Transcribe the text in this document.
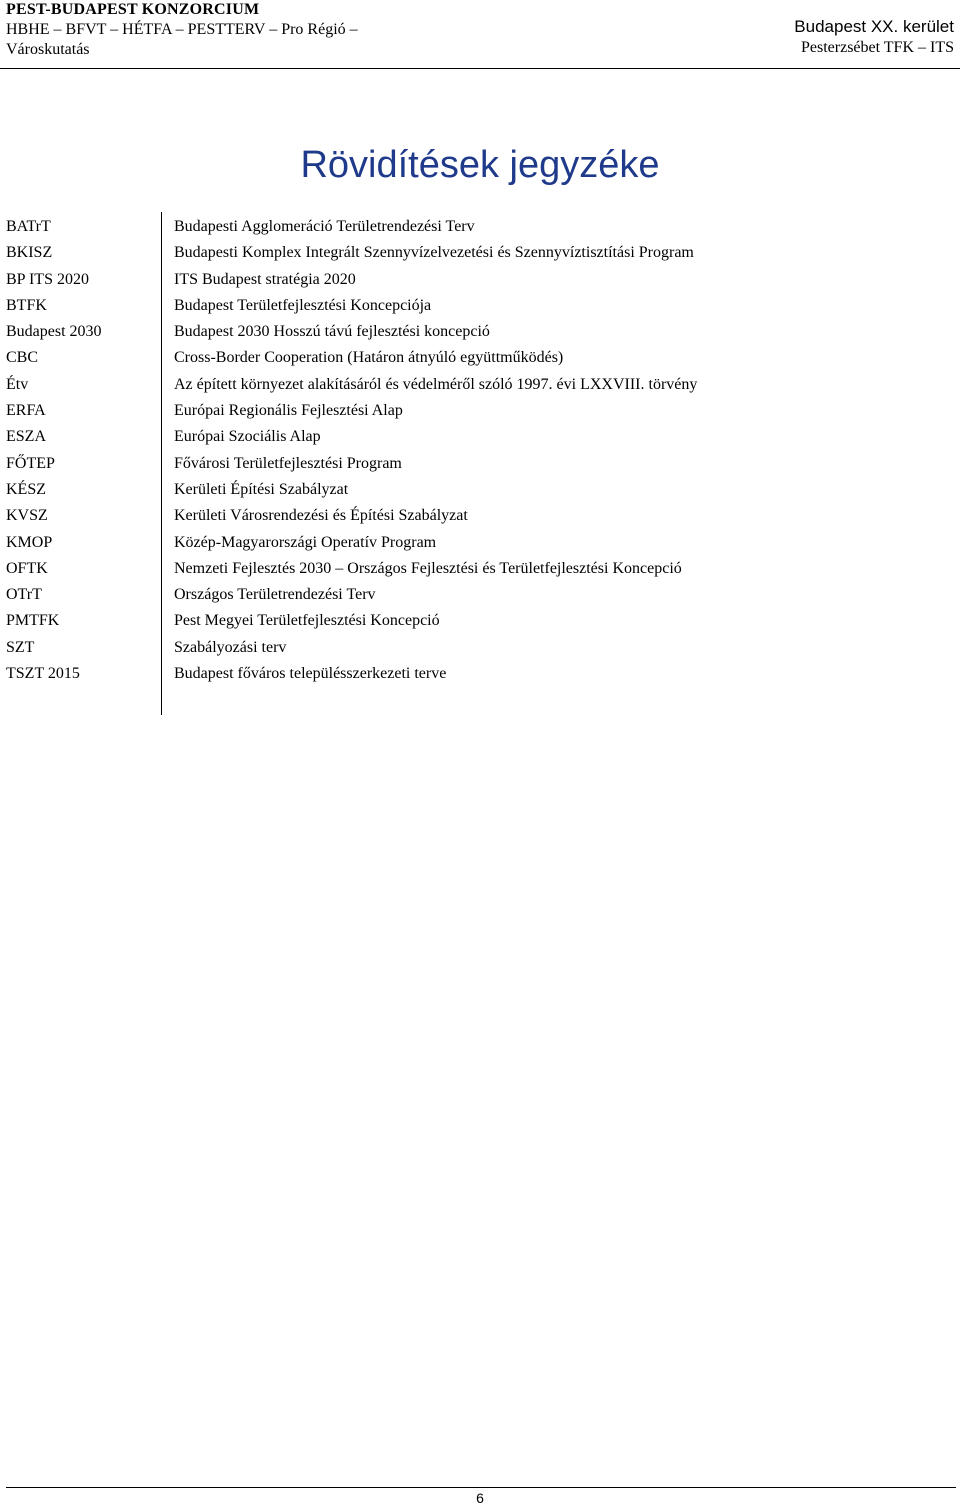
PEST-BUDAPEST KONZORCIUM
HBHE – BFVT – HÉTFA – PESTTERV – Pro Régió –
Városkutatás
Budapest XX. kerület
Pesterzsébet TFK – ITS
Rövidítések jegyzéke
BATrT	Budapesti Agglomeráció Területrendezési Terv
BKISZ	Budapesti Komplex Integrált Szennyvízelvezetési és Szennyvíztisztítási Program
BP ITS 2020	ITS Budapest stratégia 2020
BTFK	Budapest Területfejlesztési Koncepciója
Budapest 2030	Budapest 2030 Hosszú távú fejlesztési koncepció
CBC	Cross-Border Cooperation (Határon átnyúló együttműködés)
Étv	Az épített környezet alakításáról és védelméről szóló 1997. évi LXXVIII. törvény
ERFA	Európai Regionális Fejlesztési Alap
ESZA	Európai Szociális Alap
FŐTEP	Fővárosi Területfejlesztési Program
KÉSZ	Kerületi Építési Szabályzat
KVSZ	Kerületi Városrendezési és Építési Szabályzat
KMOP	Közép-Magyarországi Operatív Program
OFTK	Nemzeti Fejlesztés 2030 – Országos Fejlesztési és Területfejlesztési Koncepció
OTrT	Országos Területrendezési Terv
PMTFK	Pest Megyei Területfejlesztési Koncepció
SZT	Szabályozási terv
TSZT 2015	Budapest főváros településszerkezeti terve
6
